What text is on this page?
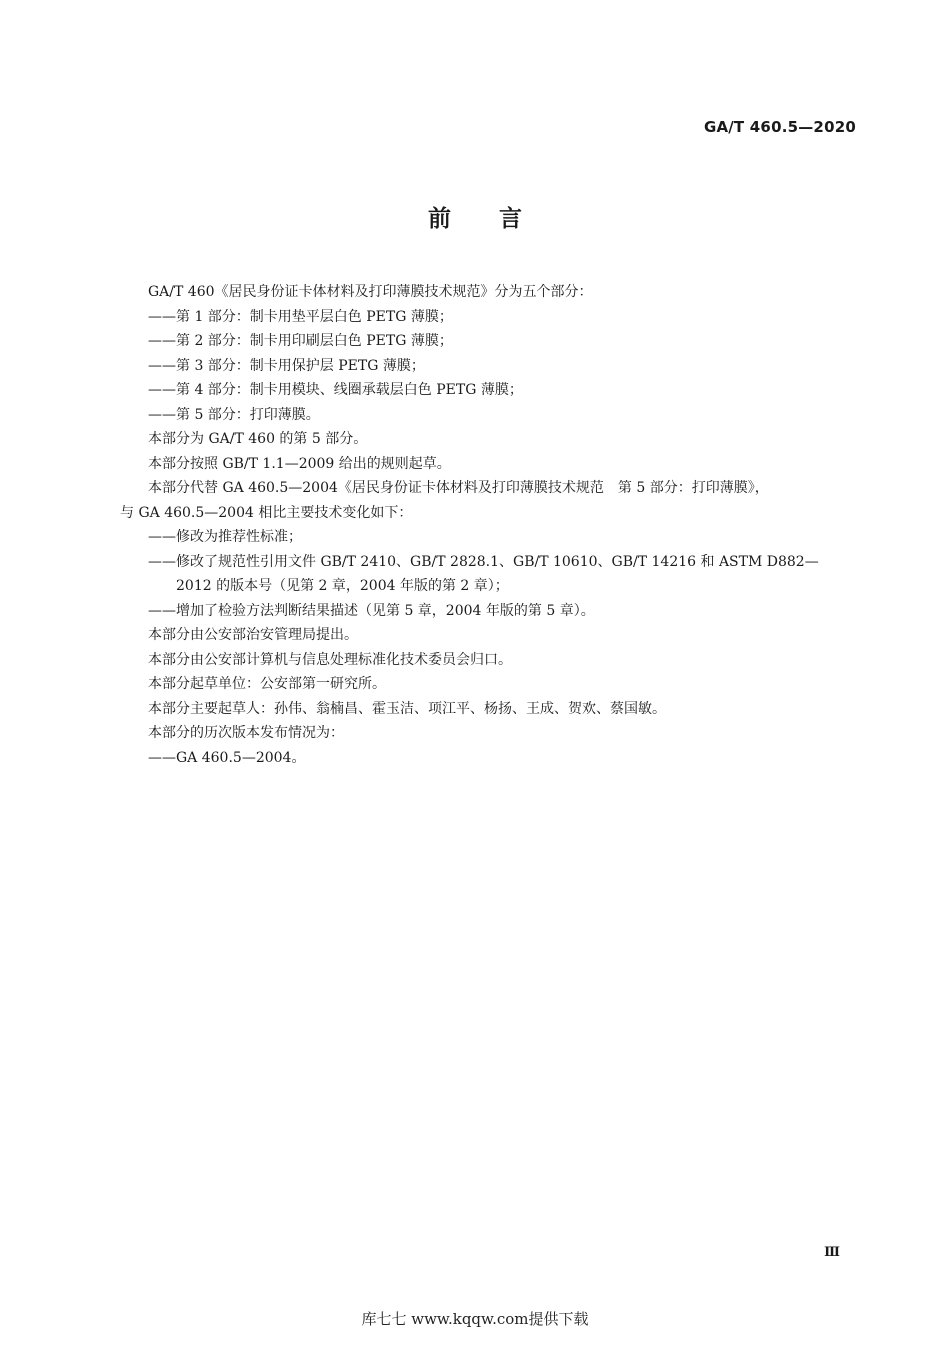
GA/T 460.5—2020
前言
GA/T 460《居民身份证卡体材料及打印薄膜技术规范》分为五个部分：
——第 1 部分：制卡用垫平层白色 PETG 薄膜；
——第 2 部分：制卡用印刷层白色 PETG 薄膜；
——第 3 部分：制卡用保护层 PETG 薄膜；
——第 4 部分：制卡用模块、线圈承载层白色 PETG 薄膜；
——第 5 部分：打印薄膜。
本部分为 GA/T 460 的第 5 部分。
本部分按照 GB/T 1.1—2009 给出的规则起草。
本部分代替 GA 460.5—2004《居民身份证卡体材料及打印薄膜技术规范　第 5 部分：打印薄膜》，
与 GA 460.5—2004 相比主要技术变化如下：
——修改为推荐性标准；
——修改了规范性引用文件 GB/T 2410、GB/T 2828.1、GB/T 10610、GB/T 14216 和 ASTM D882—
2012 的版本号（见第 2 章，2004 年版的第 2 章）；
——增加了检验方法判断结果描述（见第 5 章，2004 年版的第 5 章）。
本部分由公安部治安管理局提出。
本部分由公安部计算机与信息处理标准化技术委员会归口。
本部分起草单位：公安部第一研究所。
本部分主要起草人：孙伟、翁楠昌、霍玉洁、项江平、杨扬、王成、贺欢、蔡国敏。
本部分的历次版本发布情况为：
——GA 460.5—2004。
Ⅲ
库七七 www.kqqw.com提供下载
